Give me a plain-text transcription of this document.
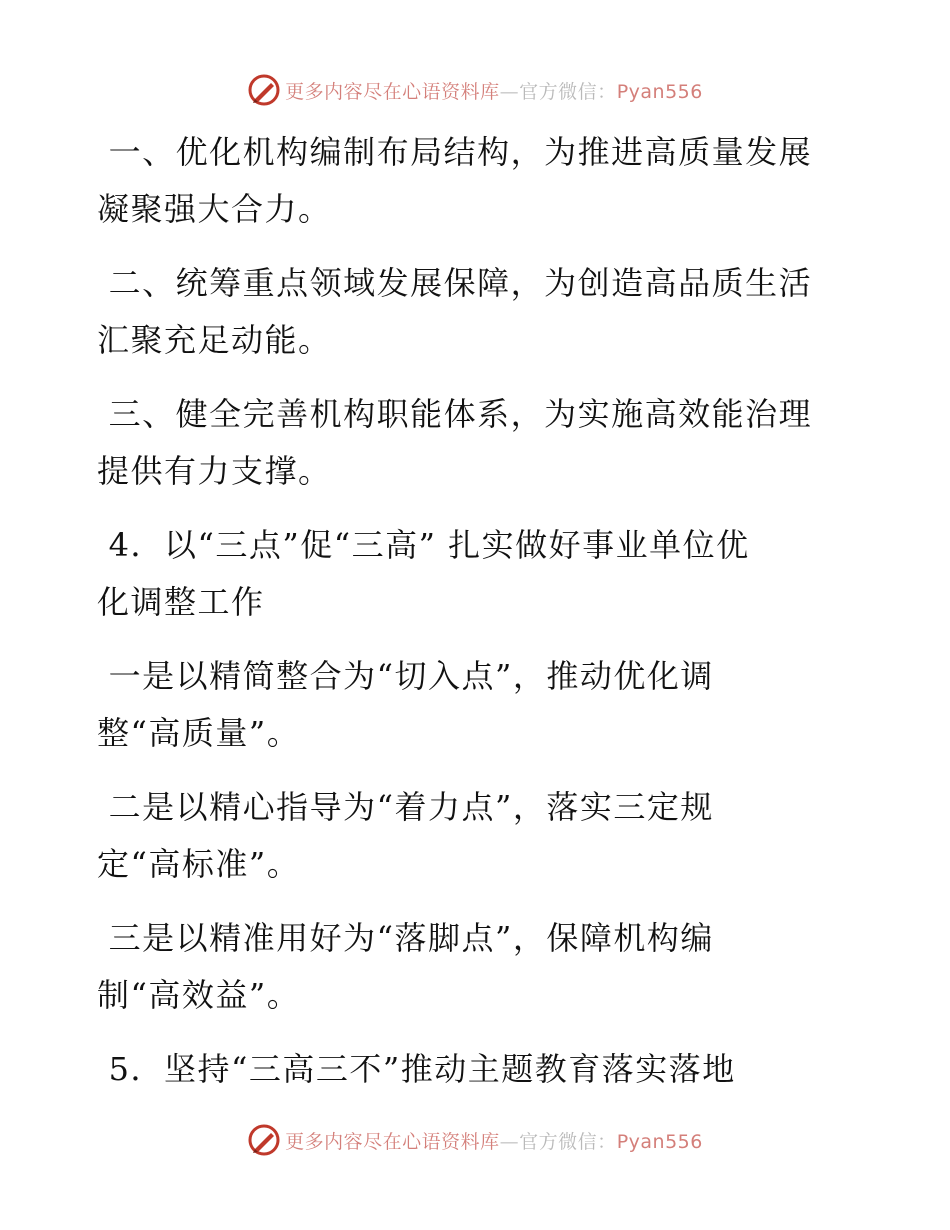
更多内容尽在心语资料库—官方微信：Pyan556

一、优化机构编制布局结构，为推进高质量发展
凝聚强大合力。

二、统筹重点领域发展保障，为创造高品质生活
汇聚充足动能。

三、健全完善机构职能体系，为实施高效能治理
提供有力支撑。

4．以“三点”促“三高” 扎实做好事业单位优
化调整工作

一是以精简整合为“切入点”，推动优化调
整“高质量”。

二是以精心指导为“着力点”，落实三定规
定“高标准”。

三是以精准用好为“落脚点”，保障机构编
制“高效益”。

5．坚持“三高三不”推动主题教育落实落地

更多内容尽在心语资料库—官方微信：Pyan556
